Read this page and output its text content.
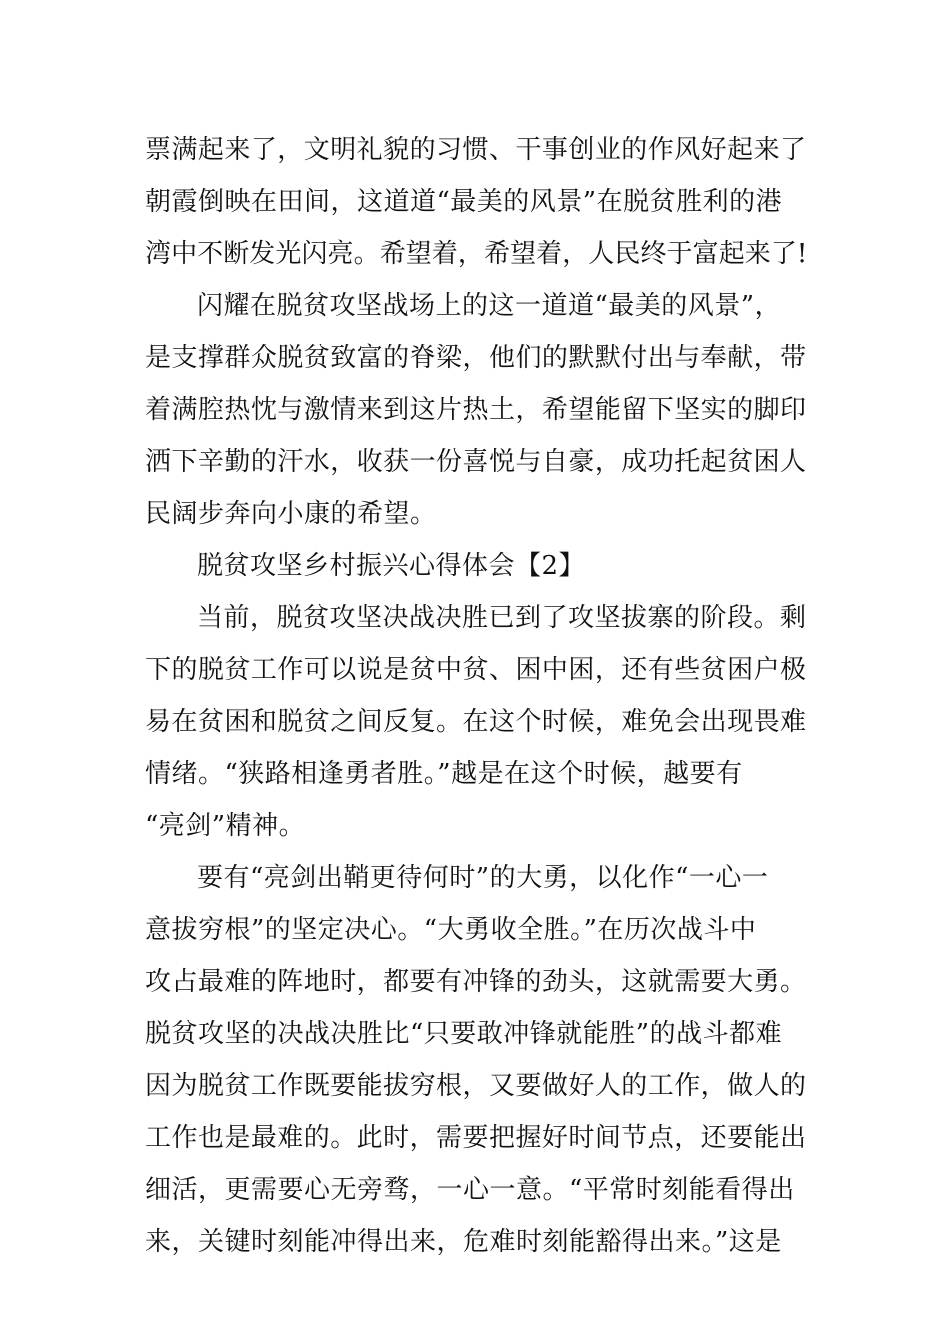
票满起来了，文明礼貌的习惯、干事创业的作风好起来了
朝霞倒映在田间，这道道“最美的风景”在脱贫胜利的港
湾中不断发光闪亮。希望着，希望着，人民终于富起来了!
闪耀在脱贫攻坚战场上的这一道道“最美的风景”，
是支撑群众脱贫致富的脊梁，他们的默默付出与奉献，带
着满腔热忱与激情来到这片热土，希望能留下坚实的脚印
洒下辛勤的汗水，收获一份喜悦与自豪，成功托起贫困人
民阔步奔向小康的希望。
脱贫攻坚乡村振兴心得体会【2】
当前，脱贫攻坚决战决胜已到了攻坚拔寨的阶段。剩
下的脱贫工作可以说是贫中贫、困中困，还有些贫困户极
易在贫困和脱贫之间反复。在这个时候，难免会出现畏难
情绪。“狭路相逢勇者胜。”越是在这个时候，越要有
“亮剑”精神。
要有“亮剑出鞘更待何时”的大勇，以化作“一心一
意拔穷根”的坚定决心。“大勇收全胜。”在历次战斗中
攻占最难的阵地时，都要有冲锋的劲头，这就需要大勇。
脱贫攻坚的决战决胜比“只要敢冲锋就能胜”的战斗都难
因为脱贫工作既要能拔穷根，又要做好人的工作，做人的
工作也是最难的。此时，需要把握好时间节点，还要能出
细活，更需要心无旁骛，一心一意。“平常时刻能看得出
来，关键时刻能冲得出来，危难时刻能豁得出来。”这是
